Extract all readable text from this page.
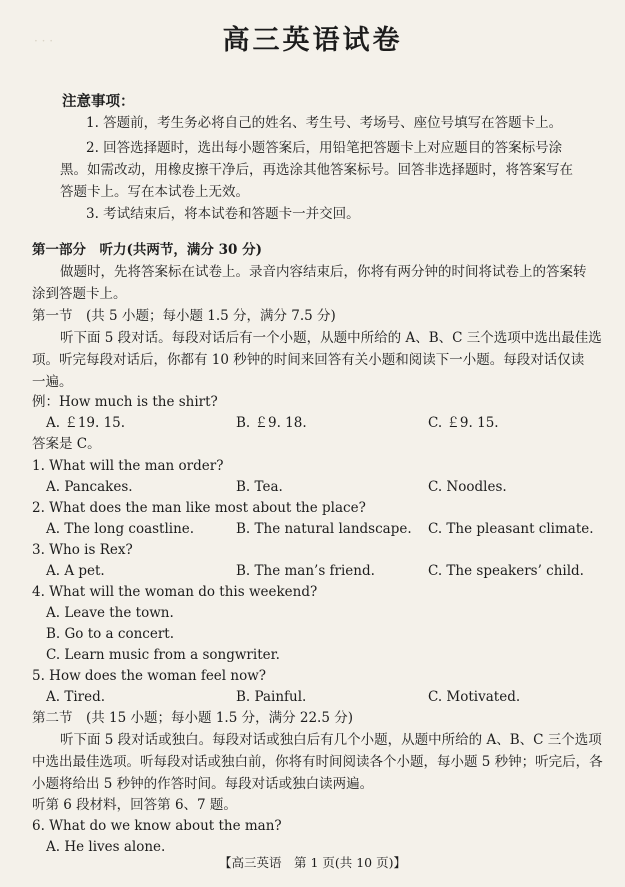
· · ·	高三英语试卷
注意事项：
1. 答题前，考生务必将自己的姓名、考生号、考场号、座位号填写在答题卡上。
2. 回答选择题时，选出每小题答案后，用铅笔把答题卡上对应题目的答案标号涂
黑。如需改动，用橡皮擦干净后，再选涂其他答案标号。回答非选择题时，将答案写在
答题卡上。写在本试卷上无效。
3. 考试结束后，将本试卷和答题卡一并交回。
第一部分　听力(共两节，满分 30 分)
做题时，先将答案标在试卷上。录音内容结束后，你将有两分钟的时间将试卷上的答案转
涂到答题卡上。
第一节　(共 5 小题；每小题 1.5 分，满分 7.5 分)
听下面 5 段对话。每段对话后有一个小题，从题中所给的 A、B、C 三个选项中选出最佳选
项。听完每段对话后，你都有 10 秒钟的时间来回答有关小题和阅读下一小题。每段对话仅读
一遍。
例：How much is the shirt?
A. ￡19. 15.	B. ￡9. 18.	C. ￡9. 15.
答案是 C。
1. What will the man order?
A. Pancakes.	B. Tea.	C. Noodles.
2. What does the man like most about the place?
A. The long coastline.	B. The natural landscape. C. The pleasant climate.
3. Who is Rex?
A. A pet.	B. The man’s friend.	C. The speakers’ child.
4. What will the woman do this weekend?
A. Leave the town.
B. Go to a concert.
C. Learn music from a songwriter.
5. How does the woman feel now?
A. Tired.	B. Painful.	C. Motivated.
第二节　(共 15 小题；每小题 1.5 分，满分 22.5 分)
听下面 5 段对话或独白。每段对话或独白后有几个小题，从题中所给的 A、B、C 三个选项
中选出最佳选项。听每段对话或独白前，你将有时间阅读各个小题，每小题 5 秒钟；听完后，各
小题将给出 5 秒钟的作答时间。每段对话或独白读两遍。
听第 6 段材料，回答第 6、7 题。
6. What do we know about the man?
A. He lives alone.
【高三英语　第 1 页(共 10 页)】
